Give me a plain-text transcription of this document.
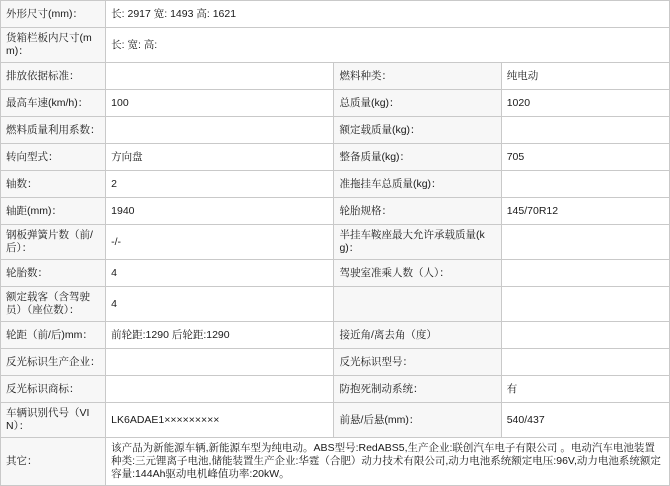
外形尺寸(mm)：	长: 2917 宽: 1493 高: 1621		
货箱栏板内尺寸(mm)：	长: 宽: 高:		
排放依据标准：		燃料种类：	纯电动
最高车速(km/h)：	100	总质量(kg)：	1020
燃料质量利用系数：		额定载质量(kg)：	
转向型式：	方向盘	整备质量(kg)：	705
轴数：	2	准拖挂车总质量(kg)：	
轴距(mm)：	1940	轮胎规格：	145/70R12
钢板弹簧片数（前/后）：	-/-	半挂车鞍座最大允许承载质量(kg)：	
轮胎数：	4	驾驶室准乘人数（人）：	
额定载客（含驾驶员）（座位数）：	4		
轮距（前/后)mm：	前轮距:1290 后轮距:1290	接近角/离去角（度）	
反光标识生产企业：		反光标识型号：	
反光标识商标：		防抱死制动系统：	有
车辆识别代号（VIN）：	LK6ADAE1×××××××××	前悬/后悬(mm)：	540/437
其它：	该产品为新能源车辆,新能源车型为纯电动。ABS型号:RedABS5,生产企业:联创汽车电子有限公司 。电动汽车电池装置种类:三元锂离子电池,储能装置生产企业:华霆（合肥）动力技术有限公司,动力电池系统额定电压:96V,动力电池系统额定容量:144Ah驱动电机峰值功率:20kW。		
